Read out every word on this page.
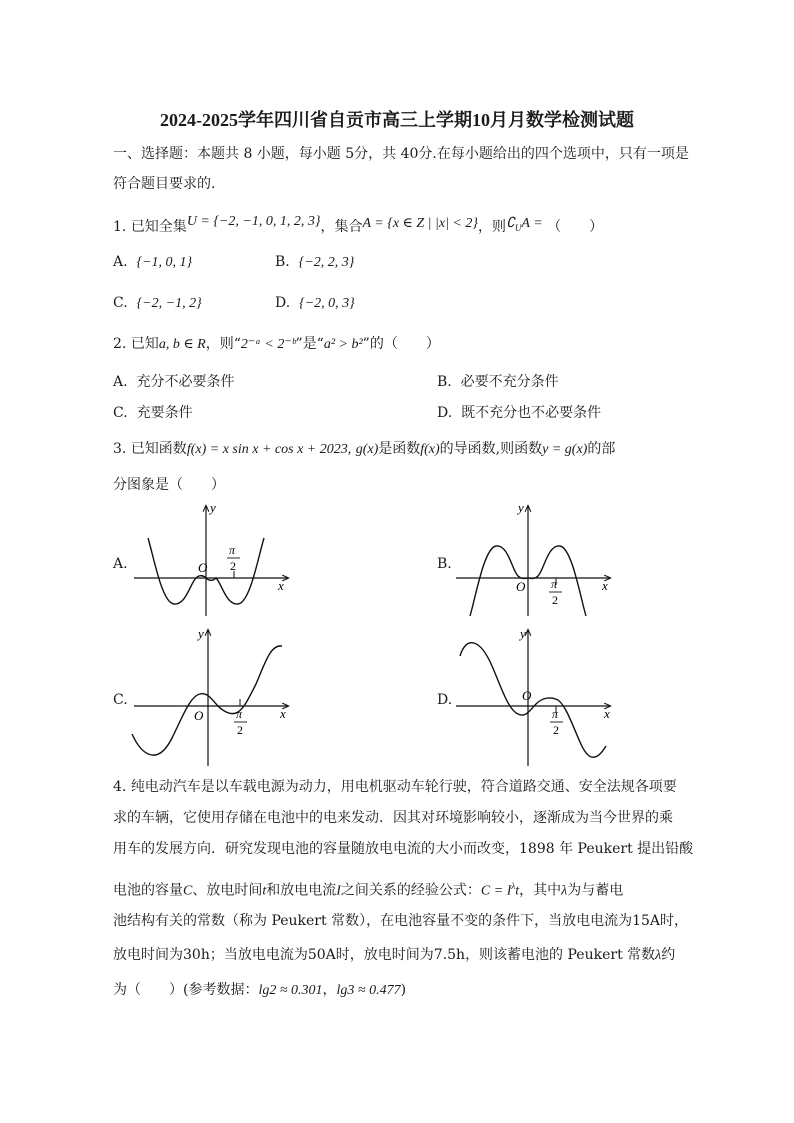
2024-2025学年四川省自贡市高三上学期10月月数学检测试题
一、选择题：本题共 8 小题，每小题 5分，共 40分.在每小题给出的四个选项中，只有一项是
符合题目要求的.
1. 已知全集U = {−2, −1, 0, 1, 2, 3}，集合A = {x ∈ Z | |x| < 2}，则∁UA = （　　）
A. {−1, 0, 1}	B. {−2, 2, 3}
C. {−2, −1, 2}	D. {−2, 0, 3}
2. 已知a, b ∈ R，则“2⁻ᵃ < 2⁻ᵇ”是“a² > b²”的（　　）
A. 充分不必要条件	B. 必要不充分条件
C. 充要条件	D. 既不充分也不必要条件
3. 已知函数f(x) = x sin x + cos x + 2023, g(x)是函数f(x)的导函数,则函数y = g(x)的部
分图象是（　　）
A.	B.
C.	D.
O
y
x
π
2
O
y
x
π
2
O
y
x
π
2
O
y
x
π
2
4. 纯电动汽车是以车载电源为动力，用电机驱动车轮行驶，符合道路交通、安全法规各项要
求的车辆，它使用存储在电池中的电来发动．因其对环境影响较小，逐渐成为当今世界的乘
用车的发展方向．研究发现电池的容量随放电电流的大小而改变，1898 年 Peukert 提出铅酸
电池的容量C、放电时间t和放电电流I之间关系的经验公式：$C = I^\lambda t$，其中λ为与蓄电
池结构有关的常数（称为 Peukert 常数），在电池容量不变的条件下，当放电电流为15A时，
放电时间为30h；当放电电流为50A时，放电时间为7.5h，则该蓄电池的 Peukert 常数λ约
为（　　）(参考数据：lg2 ≈ 0.301，lg3 ≈ 0.477)
